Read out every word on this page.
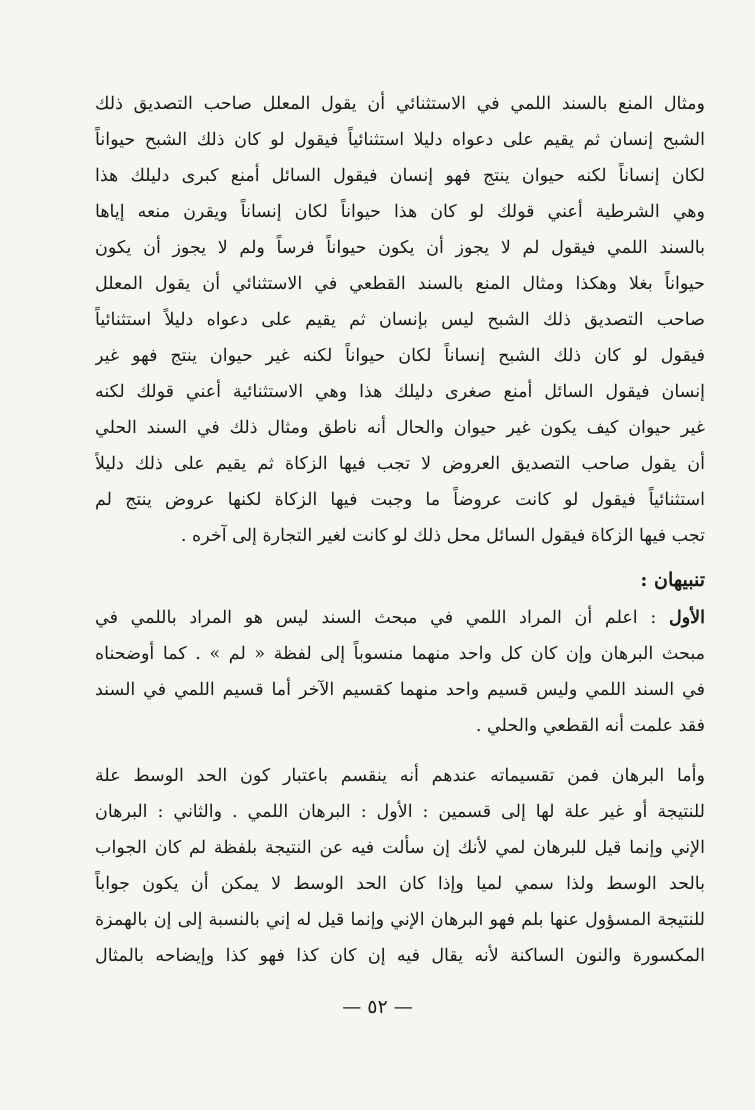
ومثال المنع بالسند اللمي في الاستثنائي أن يقول المعلل صاحب التصديق ذلك
الشبح إنسان ثم يقيم على دعواه دليلا استثنائياً فيقول لو كان ذلك الشبح حيواناً
لكان إنساناً لكنه حيوان ينتج فهو إنسان فيقول السائل أمنع كبرى دليلك هذا
وهي الشرطية أعني قولك لو كان هذا حيواناً لكان إنساناً ويقرن منعه إياها
بالسند اللمي فيقول لم لا يجوز أن يكون حيواناً فرساً ولم لا يجوز أن يكون
حيواناً بغلا وهكذا ومثال المنع بالسند القطعي في الاستثنائي أن يقول المعلل
صاحب التصديق ذلك الشبح ليس بإنسان ثم يقيم على دعواه دليلاً استثنائياً
فيقول لو كان ذلك الشبح إنساناً لكان حيواناً لكنه غير حيوان ينتج فهو غير
إنسان فيقول السائل أمنع صغرى دليلك هذا وهي الاستثنائية أعني قولك لكنه
غير حيوان كيف يكون غير حيوان والحال أنه ناطق ومثال ذلك في السند الحلي
أن يقول صاحب التصديق العروض لا تجب فيها الزكاة ثم يقيم على ذلك دليلاً
استثنائياً فيقول لو كانت عروضاً ما وجبت فيها الزكاة لكنها عروض ينتج لم
تجب فيها الزكاة فيقول السائل محل ذلك لو كانت لغير التجارة إلى آخره .
تنبيهان :
الأول : اعلم أن المراد اللمي في مبحث السند ليس هو المراد باللمي في
مبحث البرهان وإن كان كل واحد منهما منسوباً إلى لفظة « لم » . كما أوضحناه
في السند اللمي وليس قسيم واحد منهما كقسيم الآخر أما قسيم اللمي في السند
فقد علمت أنه القطعي والحلي .
وأما البرهان فمن تقسيماته عندهم أنه ينقسم باعتبار كون الحد الوسط علة
للنتيجة أو غير علة لها إلى قسمين : الأول : البرهان اللمي . والثاني : البرهان
الإني وإنما قيل للبرهان لمي لأنك إن سألت فيه عن النتيجة بلفظة لم كان الجواب
بالحد الوسط ولذا سمي لميا وإذا كان الحد الوسط لا يمكن أن يكون جواباً
للنتيجة المسؤول عنها بلم فهو البرهان الإني وإنما قيل له إني بالنسبة إلى إن بالهمزة
المكسورة والنون الساكنة لأنه يقال فيه إن كان كذا فهو كذا وإيضاحه بالمثال
— ٥٢ —
